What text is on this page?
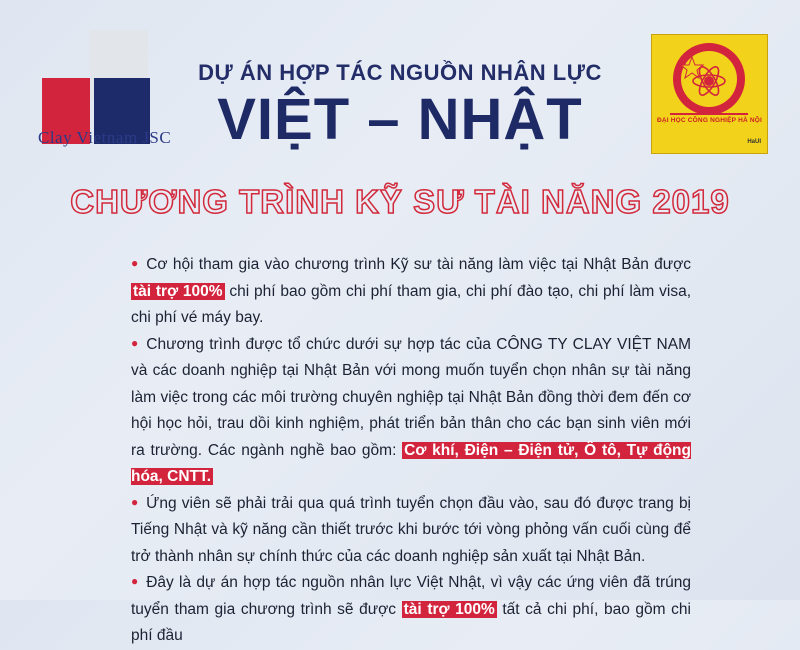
Clay Vietnam JSC
ĐẠI HỌC CÔNG NGHIỆP HÀ NỘI
HaUI
DỰ ÁN HỢP TÁC NGUỒN NHÂN LỰC
VIỆT – NHẬT
CHƯƠNG TRÌNH KỸ SƯ TÀI NĂNG 2019
● Cơ hội tham gia vào chương trình Kỹ sư tài năng làm việc tại Nhật Bản được tài trợ 100% chi phí bao gồm chi phí tham gia, chi phí đào tạo, chi phí làm visa, chi phí vé máy bay.
● Chương trình được tổ chức dưới sự hợp tác của CÔNG TY CLAY VIỆT NAM và các doanh nghiệp tại Nhật Bản với mong muốn tuyển chọn nhân sự tài năng làm việc trong các môi trường chuyên nghiệp tại Nhật Bản đồng thời đem đến cơ hội học hỏi, trau dồi kinh nghiệm, phát triển bản thân cho các bạn sinh viên mới ra trường. Các ngành nghề bao gồm: Cơ khí, Điện – Điện tử, Ô tô, Tự động hóa, CNTT.
● Ứng viên sẽ phải trải qua quá trình tuyển chọn đầu vào, sau đó được trang bị Tiếng Nhật và kỹ năng cần thiết trước khi bước tới vòng phỏng vấn cuối cùng để trở thành nhân sự chính thức của các doanh nghiệp sản xuất tại Nhật Bản.
● Đây là dự án hợp tác nguồn nhân lực Việt Nhật, vì vậy các ứng viên đã trúng tuyển tham gia chương trình sẽ được tài trợ 100% tất cả chi phí, bao gồm chi phí đầu
